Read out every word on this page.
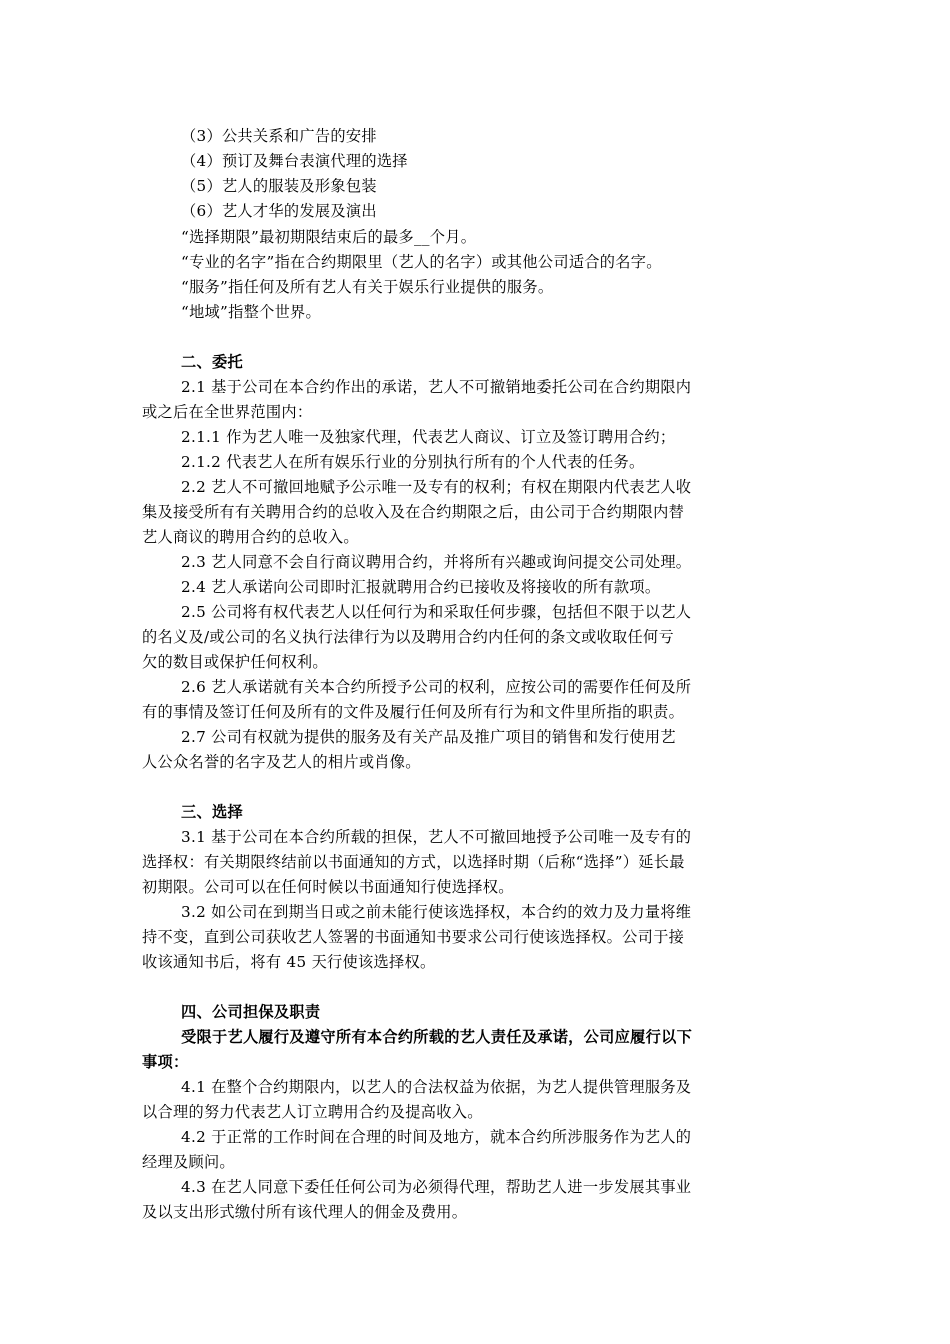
（3）公共关系和广告的安排
（4）预订及舞台表演代理的选择
（5）艺人的服装及形象包装
（6）艺人才华的发展及演出
“选择期限”最初期限结束后的最多__个月。
“专业的名字”指在合约期限里（艺人的名字）或其他公司适合的名字。
“服务”指任何及所有艺人有关于娱乐行业提供的服务。
“地域”指整个世界。
二、委托
2.1 基于公司在本合约作出的承诺，艺人不可撤销地委托公司在合约期限内
或之后在全世界范围内：
2.1.1 作为艺人唯一及独家代理，代表艺人商议、订立及签订聘用合约；
2.1.2 代表艺人在所有娱乐行业的分别执行所有的个人代表的任务。
2.2 艺人不可撤回地赋予公示唯一及专有的权利；有权在期限内代表艺人收
集及接受所有有关聘用合约的总收入及在合约期限之后，由公司于合约期限内替
艺人商议的聘用合约的总收入。
2.3 艺人同意不会自行商议聘用合约，并将所有兴趣或询问提交公司处理。
2.4 艺人承诺向公司即时汇报就聘用合约已接收及将接收的所有款项。
2.5 公司将有权代表艺人以任何行为和采取任何步骤，包括但不限于以艺人
的名义及/或公司的名义执行法律行为以及聘用合约内任何的条文或收取任何亏
欠的数目或保护任何权利。
2.6 艺人承诺就有关本合约所授予公司的权利，应按公司的需要作任何及所
有的事情及签订任何及所有的文件及履行任何及所有行为和文件里所指的职责。
2.7 公司有权就为提供的服务及有关产品及推广项目的销售和发行使用艺
人公众名誉的名字及艺人的相片或肖像。
三、选择
3.1 基于公司在本合约所载的担保，艺人不可撤回地授予公司唯一及专有的
选择权：有关期限终结前以书面通知的方式，以选择时期（后称“选择”）延长最
初期限。公司可以在任何时候以书面通知行使选择权。
3.2 如公司在到期当日或之前未能行使该选择权，本合约的效力及力量将维
持不变，直到公司获收艺人签署的书面通知书要求公司行使该选择权。公司于接
收该通知书后，将有 45 天行使该选择权。
四、公司担保及职责
受限于艺人履行及遵守所有本合约所载的艺人责任及承诺，公司应履行以下
事项：
4.1 在整个合约期限内，以艺人的合法权益为依据，为艺人提供管理服务及
以合理的努力代表艺人订立聘用合约及提高收入。
4.2 于正常的工作时间在合理的时间及地方，就本合约所涉服务作为艺人的
经理及顾问。
4.3 在艺人同意下委任任何公司为必须得代理，帮助艺人进一步发展其事业
及以支出形式缴付所有该代理人的佣金及费用。
